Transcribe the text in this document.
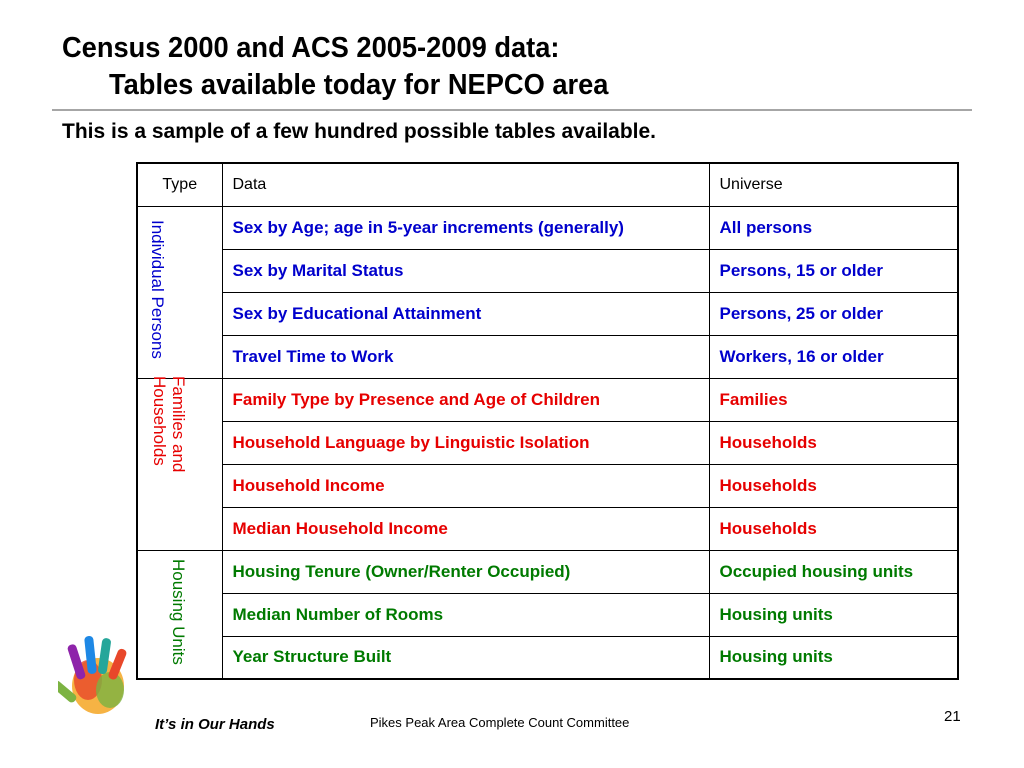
Census 2000 and ACS 2005-2009 data:
Tables available today for NEPCO area

This is a sample of a few hundred possible tables available.

Type	Data	Universe
Individual Persons	Sex by Age; age in 5-year increments (generally)	All persons
	Sex by Marital Status	Persons, 15 or older
	Sex by Educational Attainment	Persons, 25 or older
	Travel Time to Work	Workers, 16 or older
Families and Households	Family Type by Presence and Age of Children	Families
	Household Language by Linguistic Isolation	Households
	Household Income	Households
	Median Household Income	Households
Housing Units	Housing Tenure (Owner/Renter Occupied)	Occupied housing units
	Median Number of Rooms	Housing units
	Year Structure Built	Housing units
It’s in Our Hands	Pikes Peak Area Complete Count Committee	21
